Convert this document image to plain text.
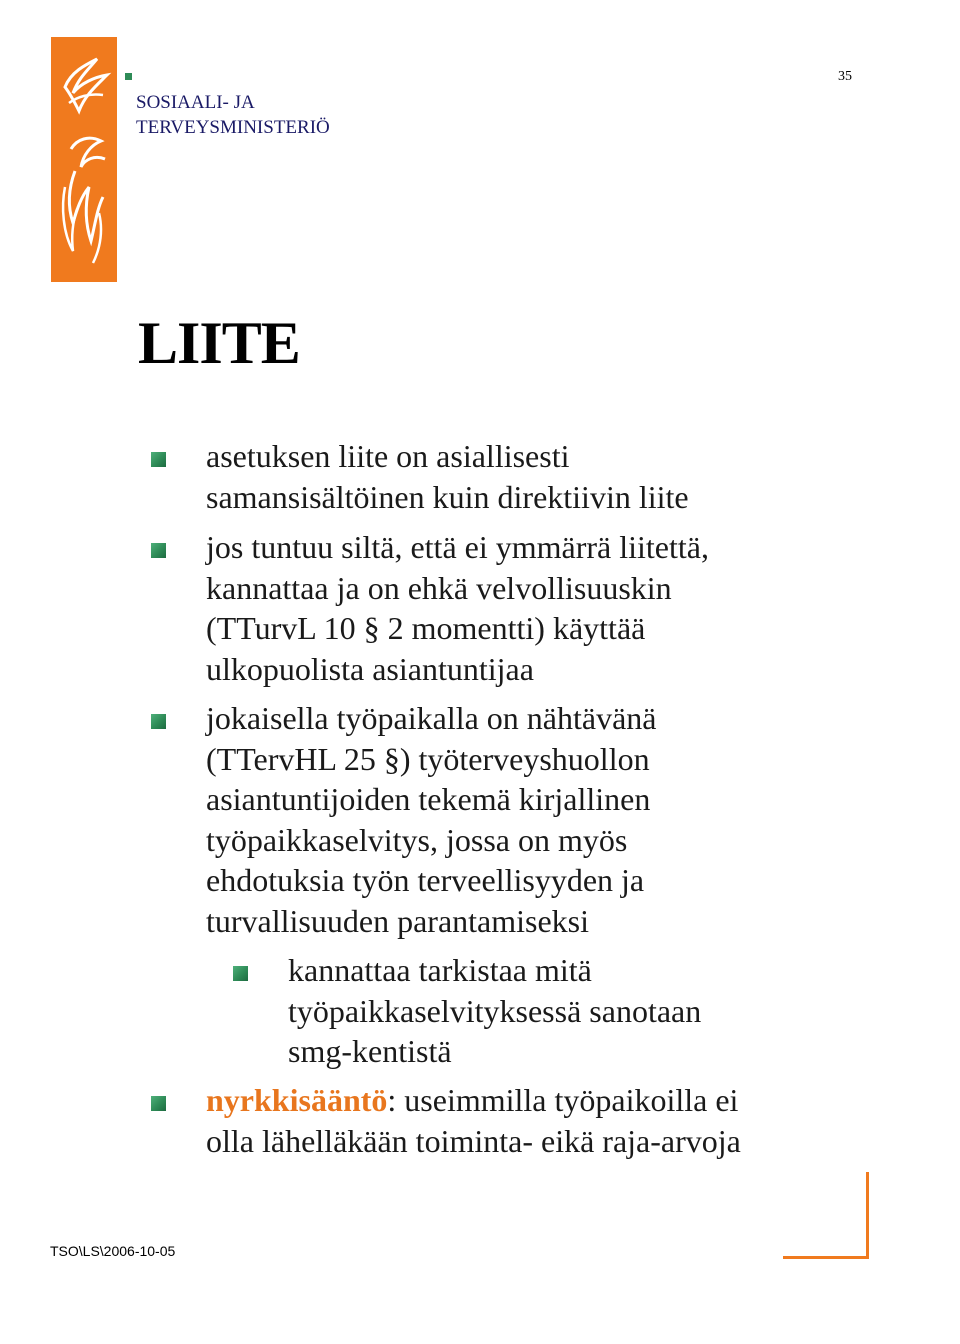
SOSIAALI- JA
TERVEYSMINISTERIÖ
35
LIITE
asetuksen liite on asiallisesti
samansisältöinen kuin direktiivin liite
jos tuntuu siltä, että ei ymmärrä liitettä,
kannattaa ja on ehkä velvollisuuskin
(TTurvL 10 § 2 momentti) käyttää
ulkopuolista asiantuntijaa
jokaisella työpaikalla on nähtävänä
(TTervHL 25 §) työterveyshuollon
asiantuntijoiden tekemä kirjallinen
työpaikkaselvitys, jossa on myös
ehdotuksia työn terveellisyyden ja
turvallisuuden parantamiseksi
kannattaa tarkistaa mitä
työpaikkaselvityksessä sanotaan
smg-kentistä
nyrkkisääntö: useimmilla työpaikoilla ei
olla lähelläkään toiminta- eikä raja-arvoja
TSO\LS\2006-10-05
